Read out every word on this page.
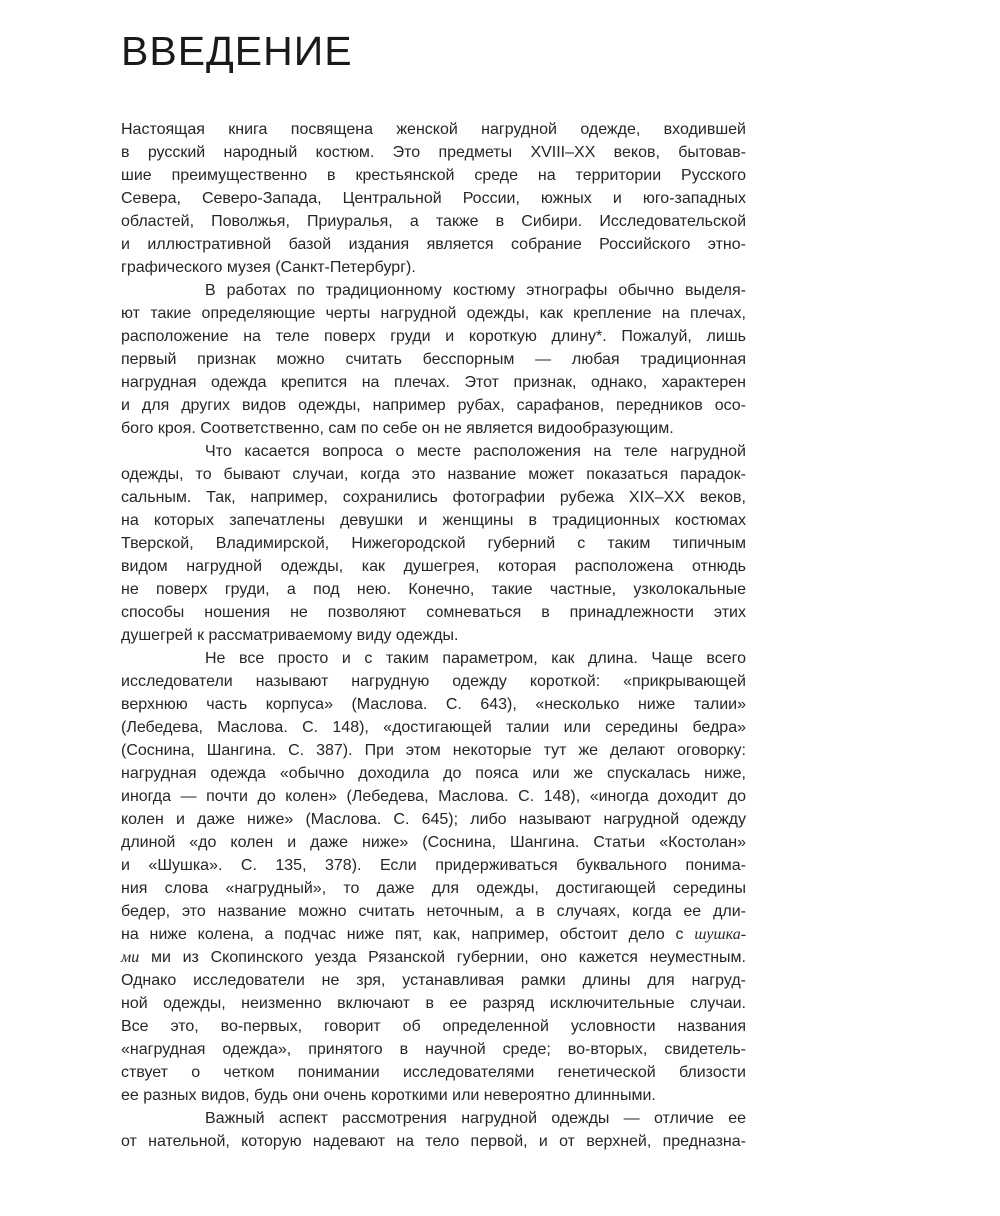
ВВЕДЕНИЕ

Настоящая книга посвящена женской нагрудной одежде, входившей
в русский народный костюм. Это предметы XVIII–XX веков, бытовав-
шие преимущественно в крестьянской среде на территории Русского
Севера, Северо-Запада, Центральной России, южных и юго-западных
областей, Поволжья, Приуралья, а также в Сибири. Исследовательской
и иллюстративной базой издания является собрание Российского этно-
графического музея (Санкт-Петербург).

В работах по традиционному костюму этнографы обычно выделя-
ют такие определяющие черты нагрудной одежды, как крепление на плечах,
расположение на теле поверх груди и короткую длину*. Пожалуй, лишь
первый признак можно считать бесспорным — любая традиционная
нагрудная одежда крепится на плечах. Этот признак, однако, характерен
и для других видов одежды, например рубах, сарафанов, передников осо-
бого кроя. Соответственно, сам по себе он не является видообразующим.

Что касается вопроса о месте расположения на теле нагрудной
одежды, то бывают случаи, когда это название может показаться парадок-
сальным. Так, например, сохранились фотографии рубежа XIX–XX веков,
на которых запечатлены девушки и женщины в традиционных костюмах
Тверской, Владимирской, Нижегородской губерний с таким типичным
видом нагрудной одежды, как душегрея, которая расположена отнюдь
не поверх груди, а под нею. Конечно, такие частные, узколокальные
способы ношения не позволяют сомневаться в принадлежности этих
душегрей к рассматриваемому виду одежды.

Не все просто и с таким параметром, как длина. Чаще всего
исследователи называют нагрудную одежду короткой: «прикрывающей
верхнюю часть корпуса» (Маслова. С. 643), «несколько ниже талии»
(Лебедева, Маслова. С. 148), «достигающей талии или середины бедра»
(Соснина, Шангина. С. 387). При этом некоторые тут же делают оговорку:
нагрудная одежда «обычно доходила до пояса или же спускалась ниже,
иногда — почти до колен» (Лебедева, Маслова. С. 148), «иногда доходит до
колен и даже ниже» (Маслова. С. 645); либо называют нагрудной одежду
длиной «до колен и даже ниже» (Соснина, Шангина. Статьи «Костолан»
и «Шушка». С. 135, 378). Если придерживаться буквального понима-
ния слова «нагрудный», то даже для одежды, достигающей середины
бедер, это название можно считать неточным, а в случаях, когда ее дли-
на ниже колена, а подчас ниже пят, как, например, обстоит дело с шушка-
ми ми из Скопинского уезда Рязанской губернии, оно кажется неуместным.
Однако исследователи не зря, устанавливая рамки длины для нагруд-
ной одежды, неизменно включают в ее разряд исключительные случаи.
Все это, во-первых, говорит об определенной условности названия
«нагрудная одежда», принятого в научной среде; во-вторых, свидетель-
ствует о четком понимании исследователями генетической близости
ее разных видов, будь они очень короткими или невероятно длинными.

Важный аспект рассмотрения нагрудной одежды — отличие ее
от нательной, которую надевают на тело первой, и от верхней, предназна-
